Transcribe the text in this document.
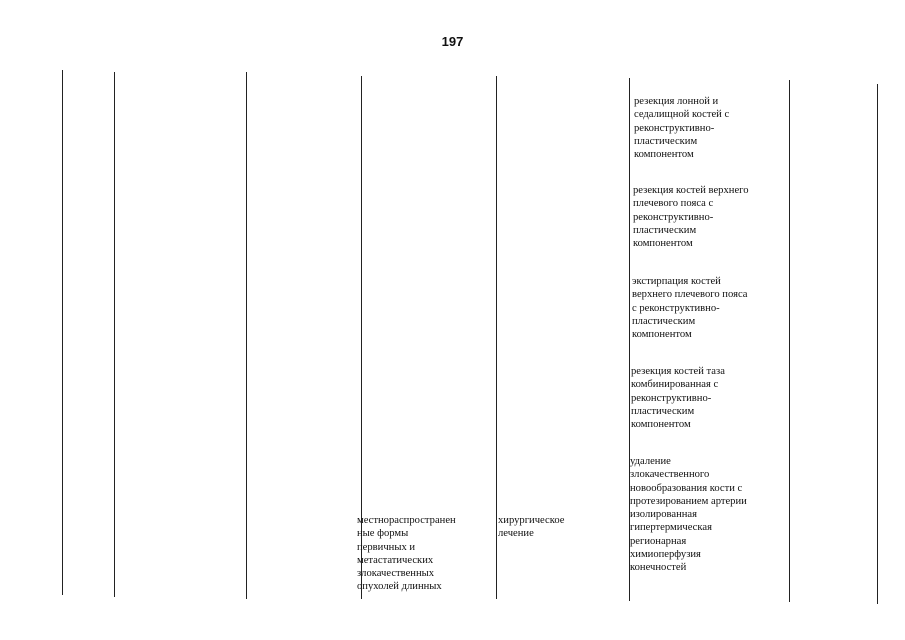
197
местнораспространен
ные формы
первичных и
метастатических
злокачественных
опухолей длинных
хирургическое
лечение
резекция лонной и
седалищной костей с
реконструктивно-
пластическим
компонентом
резекция костей верхнего
плечевого пояса с
реконструктивно-
пластическим
компонентом
экстирпация костей
верхнего плечевого пояса
с реконструктивно-
пластическим
компонентом
резекция костей таза
комбинированная с
реконструктивно-
пластическим
компонентом
удаление
злокачественного
новообразования кости с
протезированием артерии
изолированная
гипертермическая
регионарная
химиоперфузия
конечностей
